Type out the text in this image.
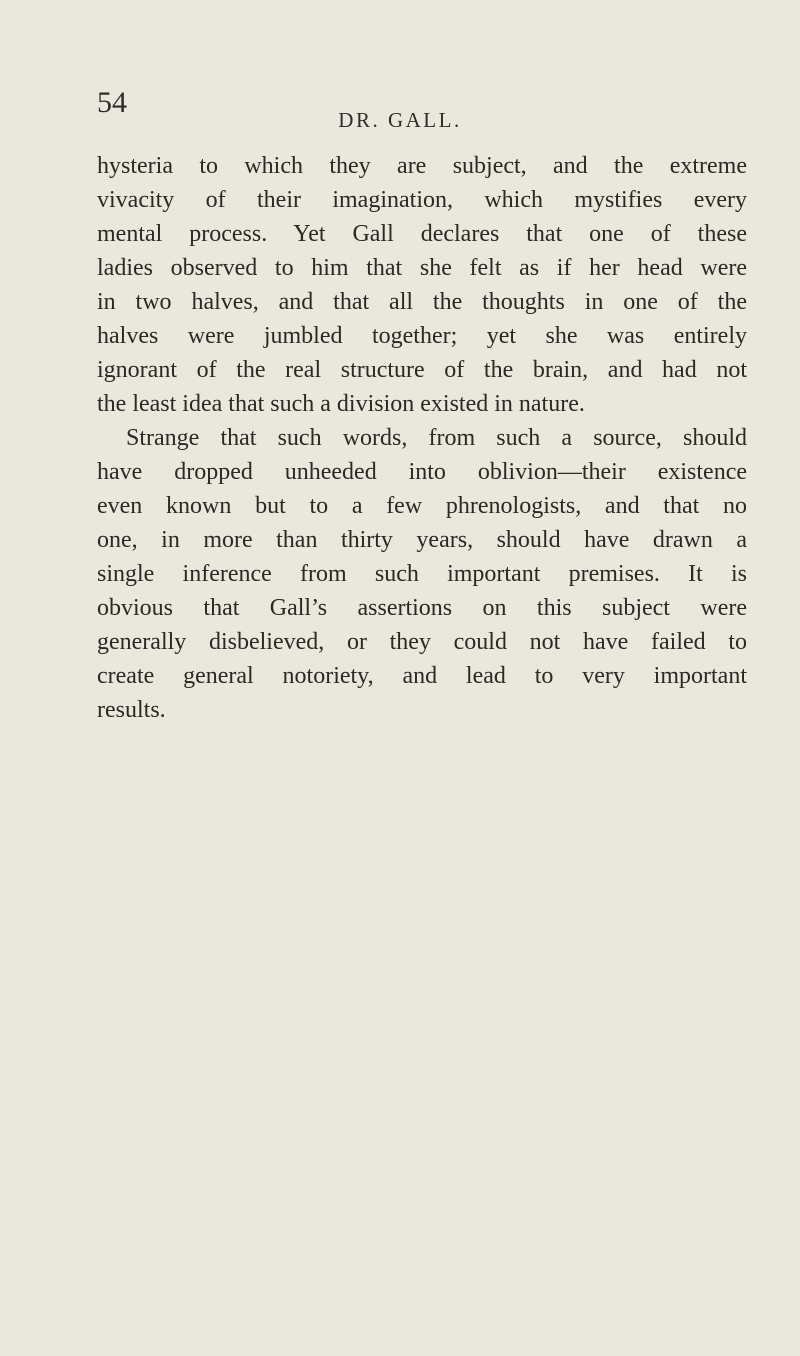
54
DR. GALL.
hysteria to which they are subject, and the extreme
vivacity of their imagination, which mystifies every
mental process. Yet Gall declares that one of these
ladies observed to him that she felt as if her head were
in two halves, and that all the thoughts in one of the
halves were jumbled together; yet she was entirely
ignorant of the real structure of the brain, and had not
the least idea that such a division existed in nature.
Strange that such words, from such a source, should
have dropped unheeded into oblivion—their existence
even known but to a few phrenologists, and that no
one, in more than thirty years, should have drawn a
single inference from such important premises. It is
obvious that Gall’s assertions on this subject were
generally disbelieved, or they could not have failed to
create general notoriety, and lead to very important
results.
